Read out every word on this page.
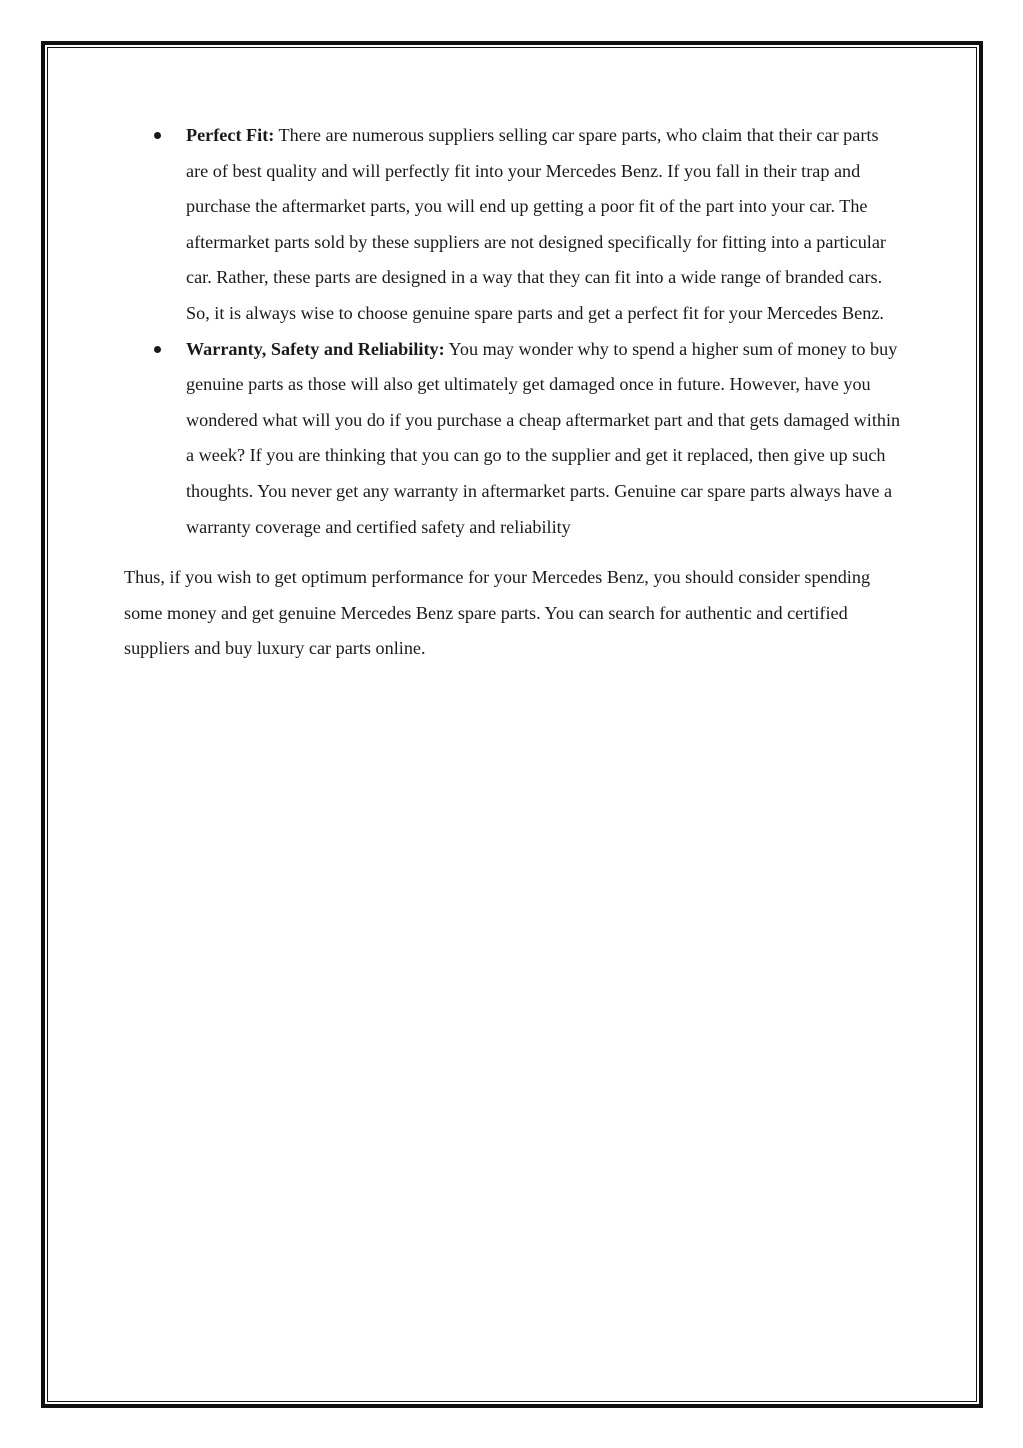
Perfect Fit: There are numerous suppliers selling car spare parts, who claim that their car parts are of best quality and will perfectly fit into your Mercedes Benz. If you fall in their trap and purchase the aftermarket parts, you will end up getting a poor fit of the part into your car. The aftermarket parts sold by these suppliers are not designed specifically for fitting into a particular car. Rather, these parts are designed in a way that they can fit into a wide range of branded cars. So, it is always wise to choose genuine spare parts and get a perfect fit for your Mercedes Benz.
Warranty, Safety and Reliability: You may wonder why to spend a higher sum of money to buy genuine parts as those will also get ultimately get damaged once in future. However, have you wondered what will you do if you purchase a cheap aftermarket part and that gets damaged within a week? If you are thinking that you can go to the supplier and get it replaced, then give up such thoughts. You never get any warranty in aftermarket parts. Genuine car spare parts always have a warranty coverage and certified safety and reliability

Thus, if you wish to get optimum performance for your Mercedes Benz, you should consider spending some money and get genuine Mercedes Benz spare parts. You can search for authentic and certified suppliers and buy luxury car parts online.
